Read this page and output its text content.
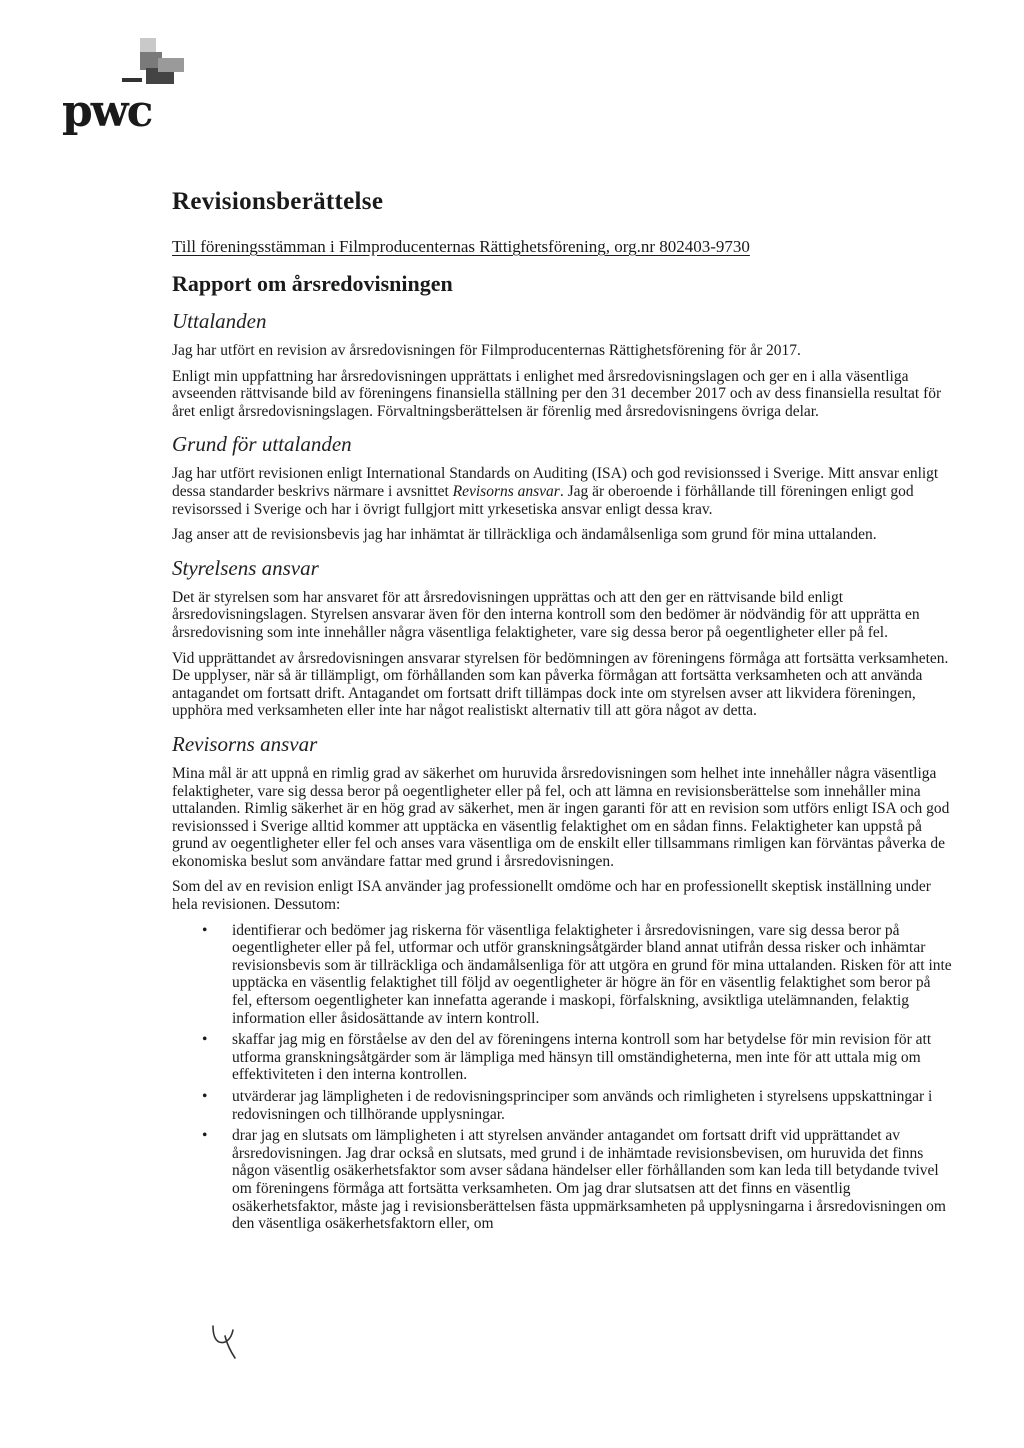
pwc
Revisionsberättelse
Till föreningsstämman i Filmproducenternas Rättighetsförening, org.nr 802403-9730
Rapport om årsredovisningen
Uttalanden

Jag har utfört en revision av årsredovisningen för Filmproducenternas Rättighetsförening för år 2017.

Enligt min uppfattning har årsredovisningen upprättats i enlighet med årsredovisningslagen och ger en i alla väsentliga avseenden rättvisande bild av föreningens finansiella ställning per den 31 december 2017 och av dess finansiella resultat för året enligt årsredovisningslagen. Förvaltningsberättelsen är förenlig med årsredovisningens övriga delar.

Grund för uttalanden

Jag har utfört revisionen enligt International Standards on Auditing (ISA) och god revisionssed i Sverige. Mitt ansvar enligt dessa standarder beskrivs närmare i avsnittet Revisorns ansvar. Jag är oberoende i förhållande till föreningen enligt god revisorssed i Sverige och har i övrigt fullgjort mitt yrkesetiska ansvar enligt dessa krav.

Jag anser att de revisionsbevis jag har inhämtat är tillräckliga och ändamålsenliga som grund för mina uttalanden.

Styrelsens ansvar

Det är styrelsen som har ansvaret för att årsredovisningen upprättas och att den ger en rättvisande bild enligt årsredovisningslagen. Styrelsen ansvarar även för den interna kontroll som den bedömer är nödvändig för att upprätta en årsredovisning som inte innehåller några väsentliga felaktigheter, vare sig dessa beror på oegentligheter eller på fel.

Vid upprättandet av årsredovisningen ansvarar styrelsen för bedömningen av föreningens förmåga att fortsätta verksamheten. De upplyser, när så är tillämpligt, om förhållanden som kan påverka förmågan att fortsätta verksamheten och att använda antagandet om fortsatt drift. Antagandet om fortsatt drift tillämpas dock inte om styrelsen avser att likvidera föreningen, upphöra med verksamheten eller inte har något realistiskt alternativ till att göra något av detta.

Revisorns ansvar

Mina mål är att uppnå en rimlig grad av säkerhet om huruvida årsredovisningen som helhet inte innehåller några väsentliga felaktigheter, vare sig dessa beror på oegentligheter eller på fel, och att lämna en revisionsberättelse som innehåller mina uttalanden. Rimlig säkerhet är en hög grad av säkerhet, men är ingen garanti för att en revision som utförs enligt ISA och god revisionssed i Sverige alltid kommer att upptäcka en väsentlig felaktighet om en sådan finns. Felaktigheter kan uppstå på grund av oegentligheter eller fel och anses vara väsentliga om de enskilt eller tillsammans rimligen kan förväntas påverka de ekonomiska beslut som användare fattar med grund i årsredovisningen.

Som del av en revision enligt ISA använder jag professionellt omdöme och har en professionellt skeptisk inställning under hela revisionen. Dessutom:

• identifierar och bedömer jag riskerna för väsentliga felaktigheter i årsredovisningen, vare sig dessa beror på oegentligheter eller på fel, utformar och utför granskningsåtgärder bland annat utifrån dessa risker och inhämtar revisionsbevis som är tillräckliga och ändamålsenliga för att utgöra en grund för mina uttalanden. Risken för att inte upptäcka en väsentlig felaktighet till följd av oegentligheter är högre än för en väsentlig felaktighet som beror på fel, eftersom oegentligheter kan innefatta agerande i maskopi, förfalskning, avsiktliga utelämnanden, felaktig information eller åsidosättande av intern kontroll.
• skaffar jag mig en förståelse av den del av föreningens interna kontroll som har betydelse för min revision för att utforma granskningsåtgärder som är lämpliga med hänsyn till omständigheterna, men inte för att uttala mig om effektiviteten i den interna kontrollen.
• utvärderar jag lämpligheten i de redovisningsprinciper som används och rimligheten i styrelsens uppskattningar i redovisningen och tillhörande upplysningar.
• drar jag en slutsats om lämpligheten i att styrelsen använder antagandet om fortsatt drift vid upprättandet av årsredovisningen. Jag drar också en slutsats, med grund i de inhämtade revisionsbevisen, om huruvida det finns någon väsentlig osäkerhetsfaktor som avser sådana händelser eller förhållanden som kan leda till betydande tvivel om föreningens förmåga att fortsätta verksamheten. Om jag drar slutsatsen att det finns en väsentlig osäkerhetsfaktor, måste jag i revisionsberättelsen fästa uppmärksamheten på upplysningarna i årsredovisningen om den väsentliga osäkerhetsfaktorn eller, om
